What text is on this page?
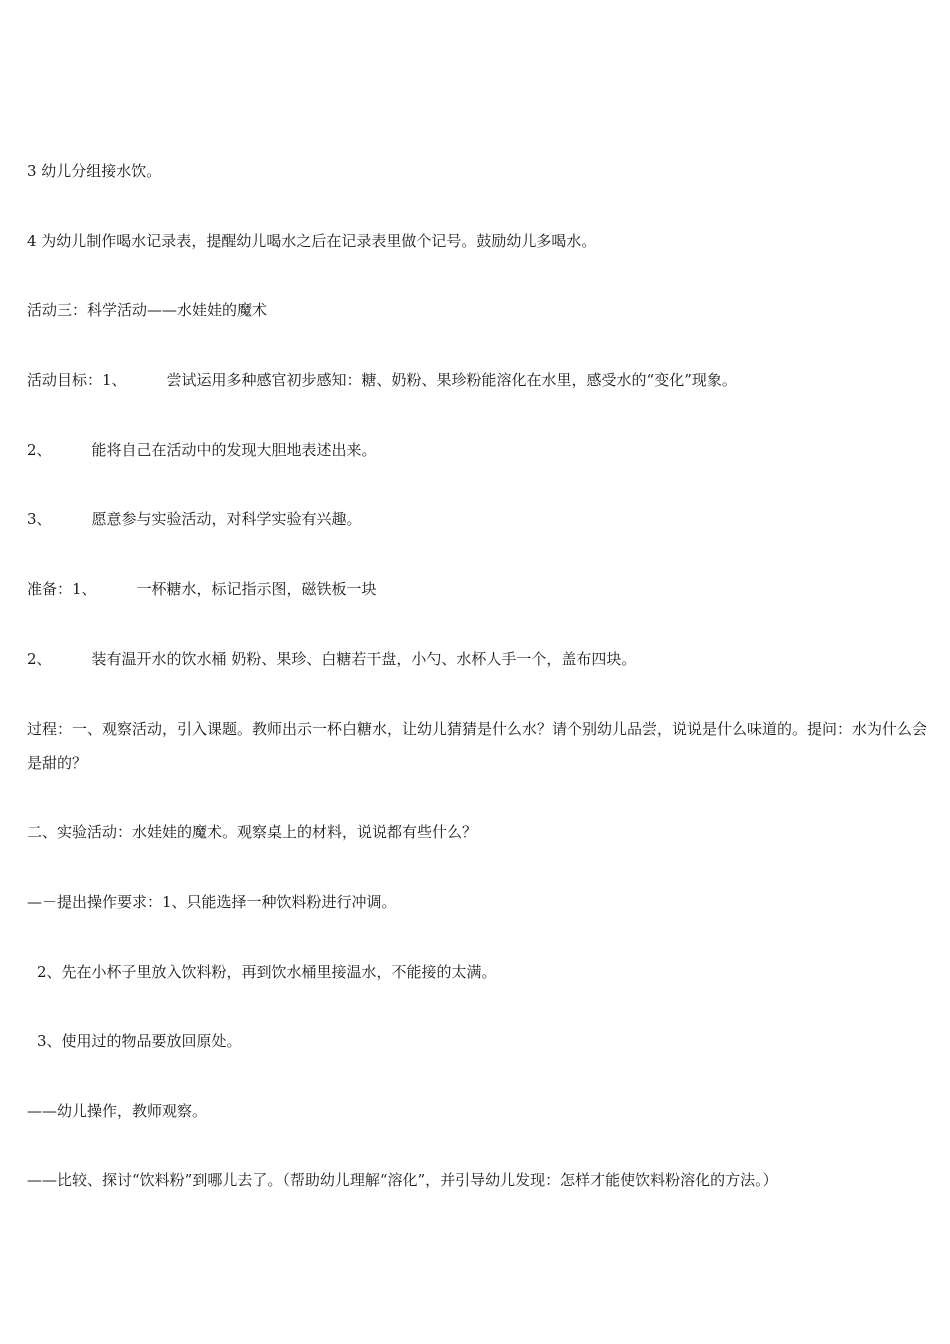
3 幼儿分组接水饮。
4 为幼儿制作喝水记录表，提醒幼儿喝水之后在记录表里做个记号。鼓励幼儿多喝水。
活动三：科学活动——水娃娃的魔术
活动目标：1、	尝试运用多种感官初步感知：糖、奶粉、果珍粉能溶化在水里，感受水的“变化”现象。
2、	能将自己在活动中的发现大胆地表述出来。
3、	愿意参与实验活动，对科学实验有兴趣。
准备：1、	一杯糖水，标记指示图，磁铁板一块
2、	装有温开水的饮水桶 奶粉、果珍、白糖若干盘，小勺、水杯人手一个，盖布四块。
过程：一、观察活动，引入课题。教师出示一杯白糖水，让幼儿猜猜是什么水？请个别幼儿品尝，说说是什么味道的。提问：水为什么会是甜的？
二、实验活动：水娃娃的魔术。观察桌上的材料，说说都有些什么？
—－提出操作要求：1、只能选择一种饮料粉进行冲调。
2、先在小杯子里放入饮料粉，再到饮水桶里接温水，不能接的太满。
3、使用过的物品要放回原处。
——幼儿操作，教师观察。
——比较、探讨“饮料粉”到哪儿去了。（帮助幼儿理解“溶化”，并引导幼儿发现：怎样才能使饮料粉溶化的方法。）
